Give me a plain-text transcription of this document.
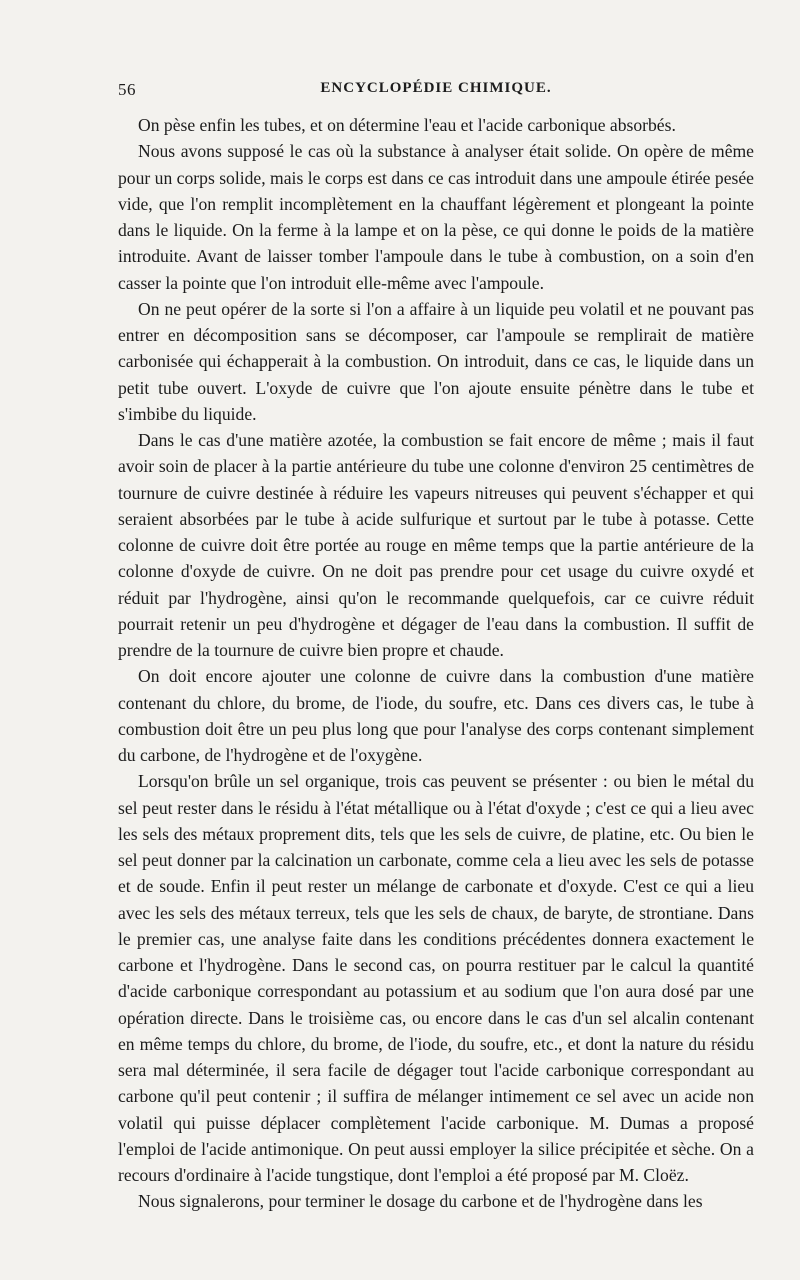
56	ENCYCLOPÉDIE CHIMIQUE.

On pèse enfin les tubes, et on détermine l'eau et l'acide carbonique absorbés.

Nous avons supposé le cas où la substance à analyser était solide. On opère de même pour un corps solide, mais le corps est dans ce cas introduit dans une ampoule étirée pesée vide, que l'on remplit incomplètement en la chauffant légèrement et plongeant la pointe dans le liquide. On la ferme à la lampe et on la pèse, ce qui donne le poids de la matière introduite. Avant de laisser tomber l'ampoule dans le tube à combustion, on a soin d'en casser la pointe que l'on introduit elle-même avec l'ampoule.

On ne peut opérer de la sorte si l'on a affaire à un liquide peu volatil et ne pouvant pas entrer en décomposition sans se décomposer, car l'ampoule se remplirait de matière carbonisée qui échapperait à la combustion. On introduit, dans ce cas, le liquide dans un petit tube ouvert. L'oxyde de cuivre que l'on ajoute ensuite pénètre dans le tube et s'imbibe du liquide.

Dans le cas d'une matière azotée, la combustion se fait encore de même ; mais il faut avoir soin de placer à la partie antérieure du tube une colonne d'environ 25 centimètres de tournure de cuivre destinée à réduire les vapeurs nitreuses qui peuvent s'échapper et qui seraient absorbées par le tube à acide sulfurique et surtout par le tube à potasse. Cette colonne de cuivre doit être portée au rouge en même temps que la partie antérieure de la colonne d'oxyde de cuivre. On ne doit pas prendre pour cet usage du cuivre oxydé et réduit par l'hydrogène, ainsi qu'on le recommande quelquefois, car ce cuivre réduit pourrait retenir un peu d'hydrogène et dégager de l'eau dans la combustion. Il suffit de prendre de la tournure de cuivre bien propre et chaude.

On doit encore ajouter une colonne de cuivre dans la combustion d'une matière contenant du chlore, du brome, de l'iode, du soufre, etc. Dans ces divers cas, le tube à combustion doit être un peu plus long que pour l'analyse des corps contenant simplement du carbone, de l'hydrogène et de l'oxygène.

Lorsqu'on brûle un sel organique, trois cas peuvent se présenter : ou bien le métal du sel peut rester dans le résidu à l'état métallique ou à l'état d'oxyde ; c'est ce qui a lieu avec les sels des métaux proprement dits, tels que les sels de cuivre, de platine, etc. Ou bien le sel peut donner par la calcination un carbonate, comme cela a lieu avec les sels de potasse et de soude. Enfin il peut rester un mélange de carbonate et d'oxyde. C'est ce qui a lieu avec les sels des métaux terreux, tels que les sels de chaux, de baryte, de strontiane. Dans le premier cas, une analyse faite dans les conditions précédentes donnera exactement le carbone et l'hydrogène. Dans le second cas, on pourra restituer par le calcul la quantité d'acide carbonique correspondant au potassium et au sodium que l'on aura dosé par une opération directe. Dans le troisième cas, ou encore dans le cas d'un sel alcalin contenant en même temps du chlore, du brome, de l'iode, du soufre, etc., et dont la nature du résidu sera mal déterminée, il sera facile de dégager tout l'acide carbonique correspondant au carbone qu'il peut contenir ; il suffira de mélanger intimement ce sel avec un acide non volatil qui puisse déplacer complètement l'acide carbonique. M. Dumas a proposé l'emploi de l'acide antimonique. On peut aussi employer la silice précipitée et sèche. On a recours d'ordinaire à l'acide tungstique, dont l'emploi a été proposé par M. Cloëz.

Nous signalerons, pour terminer le dosage du carbone et de l'hydrogène dans les
